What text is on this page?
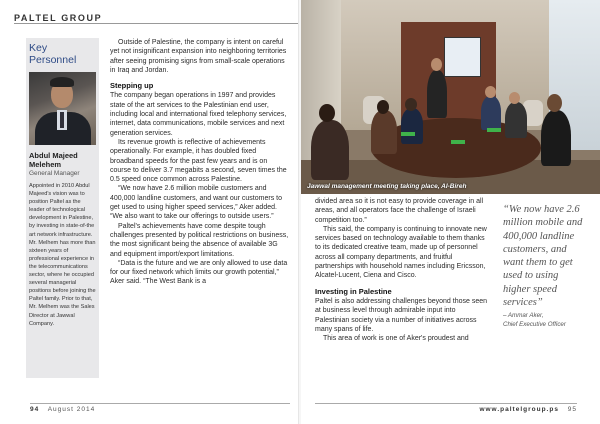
PALTEL GROUP
Key Personnel
Abdul Majeed Melehem
General Manager
Appointed in 2010 Abdul Majeed's vision was to position Paltel as the leader of technological development in Palestine, by investing in state-of-the art network infrastructure. Mr. Melhem has more than sixteen years of professional experience in the telecommunications sector, where he occupied several managerial positions before joining the Paltel family. Prior to that, Mr. Melhem was the Sales Director at Jawwal Company.

Outside of Palestine, the company is intent on careful yet not insignificant expansion into neighboring territories after seeing promising signs from small-scale operations in Iraq and Jordan.

Stepping up

The company began operations in 1997 and provides state of the art services to the Palestinian end user, including local and international fixed telephony services, internet, data communications, mobile services and next generation services.

Its revenue growth is reflective of achievements operationally. For example, it has doubled fixed broadband speeds for the past few years and is on course to deliver 3.7 megabits a second, seven times the 0.5 speed once common across Palestine.

“We now have 2.6 million mobile customers and 400,000 landline customers, and want our customers to get used to using higher speed services,” Aker added. “We also want to take our offerings to outside users.”

Paltel's achievements have come despite tough challenges presented by political restrictions on business, the most significant being the absence of available 3G and equipment import/export limitations.

“Data is the future and we are only allowed to use data for our fixed network which limits our growth potential,” Aker said. “The West Bank is a

94 August 2014
Jawwal management meeting taking place, Al-Bireh

divided area so it is not easy to provide coverage in all areas, and all operators face the challenge of Israeli competition too.”

This said, the company is continuing to innovate new services based on technology available to them thanks to its dedicated creative team, made up of personnel across all company departments, and fruitful partnerships with household names including Ericsson, Alcatel-Lucent, Ciena and Cisco.

Investing in Palestine

Paltel is also addressing challenges beyond those seen at business level through admirable input into Palestinian society via a number of initiatives across many spans of life.

This area of work is one of Aker's proudest and

“We now have 2.6 million mobile and 400,000 landline customers, and want them to get used to using higher speed services”
– Ammar Aker,
Chief Executive Officer
www.paltelgroup.ps 95
